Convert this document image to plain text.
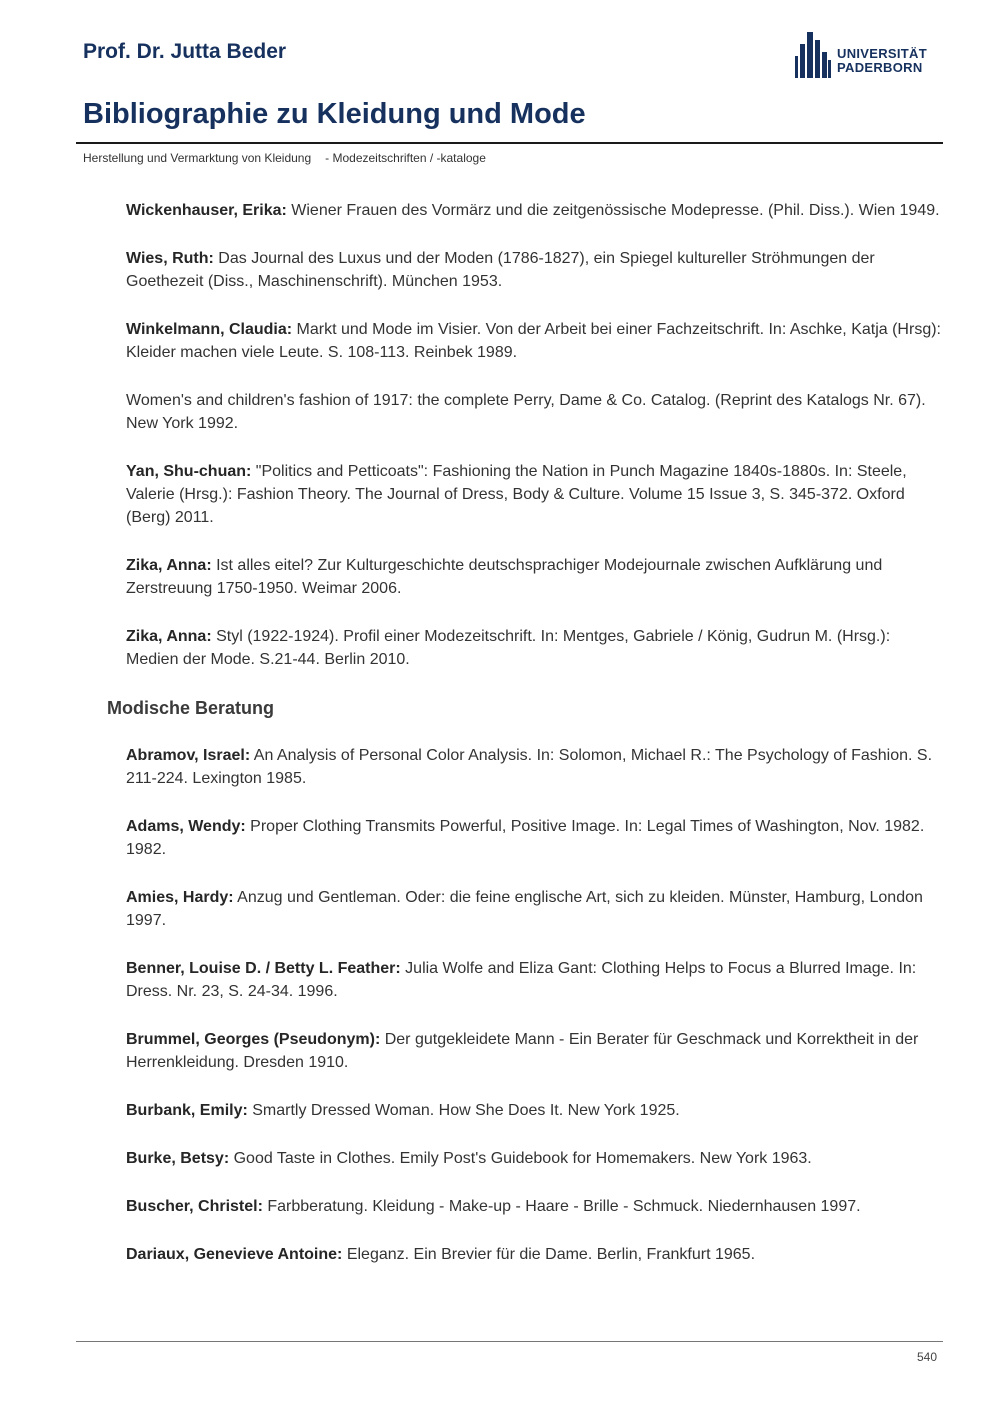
Prof. Dr. Jutta Beder	UNIVERSITÄT
PADERBORN
Bibliographie zu Kleidung und Mode
Herstellung und Vermarktung von Kleidung - Modezeitschriften / -kataloge
Wickenhauser, Erika: Wiener Frauen des Vormärz und die zeitgenössische Modepresse. (Phil. Diss.). Wien 1949.
Wies, Ruth: Das Journal des Luxus und der Moden (1786-1827), ein Spiegel kultureller Ströhmungen der Goethezeit (Diss., Maschinenschrift). München 1953.
Winkelmann, Claudia: Markt und Mode im Visier. Von der Arbeit bei einer Fachzeitschrift. In: Aschke, Katja (Hrsg): Kleider machen viele Leute. S. 108-113. Reinbek 1989.
Women's and children's fashion of 1917: the complete Perry, Dame & Co. Catalog. (Reprint des Katalogs Nr. 67). New York 1992.
Yan, Shu-chuan: "Politics and Petticoats": Fashioning the Nation in Punch Magazine 1840s-1880s. In: Steele, Valerie (Hrsg.): Fashion Theory. The Journal of Dress, Body & Culture. Volume 15 Issue 3, S. 345-372. Oxford (Berg) 2011.
Zika, Anna: Ist alles eitel? Zur Kulturgeschichte deutschsprachiger Modejournale zwischen Aufklärung und Zerstreuung 1750-1950. Weimar 2006.
Zika, Anna: Styl (1922-1924). Profil einer Modezeitschrift. In: Mentges, Gabriele / König, Gudrun M. (Hrsg.): Medien der Mode. S.21-44. Berlin 2010.
Modische Beratung
Abramov, Israel: An Analysis of Personal Color Analysis. In: Solomon, Michael R.: The Psychology of Fashion. S. 211-224. Lexington 1985.
Adams, Wendy: Proper Clothing Transmits Powerful, Positive Image. In: Legal Times of Washington, Nov. 1982. 1982.
Amies, Hardy: Anzug und Gentleman. Oder: die feine englische Art, sich zu kleiden. Münster, Hamburg, London 1997.
Benner, Louise D. / Betty L. Feather: Julia Wolfe and Eliza Gant: Clothing Helps to Focus a Blurred Image. In: Dress. Nr. 23, S. 24-34. 1996.
Brummel, Georges (Pseudonym): Der gutgekleidete Mann - Ein Berater für Geschmack und Korrektheit in der Herrenkleidung. Dresden 1910.
Burbank, Emily: Smartly Dressed Woman. How She Does It. New York 1925.
Burke, Betsy: Good Taste in Clothes. Emily Post's Guidebook for Homemakers. New York 1963.
Buscher, Christel: Farbberatung. Kleidung - Make-up - Haare - Brille - Schmuck. Niedernhausen 1997.
Dariaux, Genevieve Antoine: Eleganz. Ein Brevier für die Dame. Berlin, Frankfurt 1965.
540
